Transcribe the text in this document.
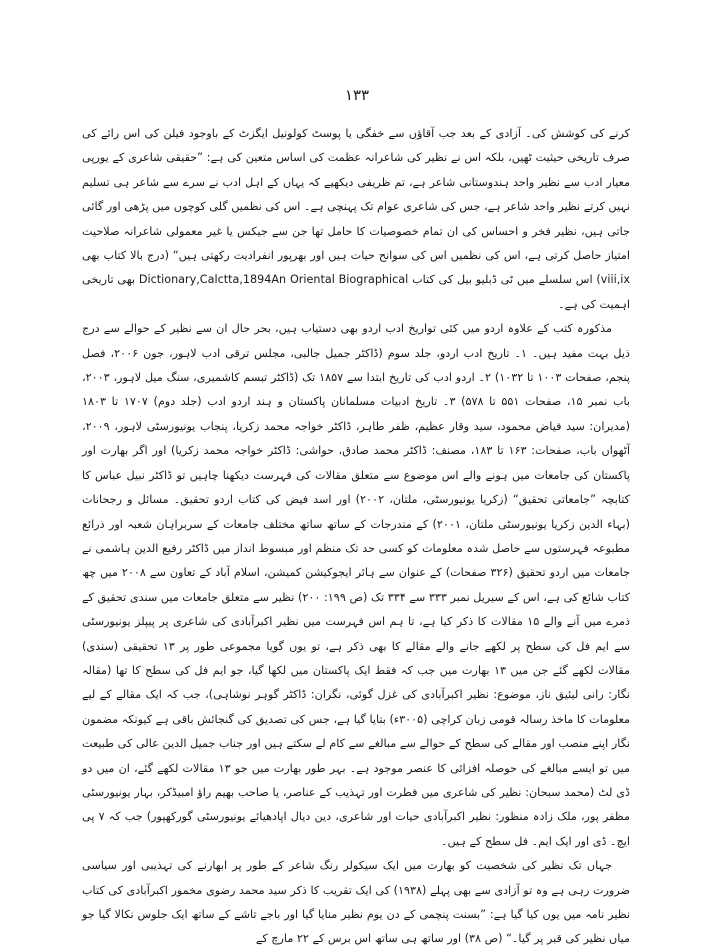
۱۳۳

کرنے کی کوشش کی۔ آزادی کے بعد جب آقاؤں سے خفگی یا پوسٹ کولونیل ایگزٹ کے باوجود فیلن کی اس رائے کی صرف تاریخی حیثیت ٹھیں، بلکہ اس نے نظیر کی شاعرانہ عظمت کی اساس متعین کی ہے: ”حقیقی شاعری کے یورپی معیار ادب سے نظیر واحد ہندوستانی شاعر ہے، تم ظریفی دیکھیے کہ یہاں کے اہل ادب نے سرے سے شاعر ہی تسلیم نہیں کرتے نظیر واحد شاعر ہے، جس کی شاعری عوام تک پہنچی ہے۔ اس کی نظمیں گلی کوچوں میں پڑھی اور گائی جاتی ہیں، نظیر فخر و احساس کی ان تمام خصوصیات کا حامل تھا جن سے جیکس یا غیر معمولی شاعرانہ صلاحیت امتیاز حاصل کرتی ہے، اس کی نظمیں اس کی سوانح حیات ہیں اور بھرپور انفرادیت رکھتی ہیں“ (درج بالا کتاب بھی viii,ix) اس سلسلے میں ٹی ڈبلیو بیل کی کتاب Dictionary,Calctta,1894An Oriental Biographical بھی تاریخی اہمیت کی ہے۔

مذکورہ کتب کے علاوہ اردو میں کئی تواریخ ادب اردو بھی دستیاب ہیں، بحر حال ان سے نظیر کے حوالے سے درج ذیل بہت مفید ہیں۔ ۱۔ تاریخ ادب اردو، جلد سوم (ڈاکٹر جمیل جالبی، مجلس ترقی ادب لاہور، جون ۲۰۰۶، فصل پنجم، صفحات ۱۰۰۳ تا ۱۰۳۲) ۲۔ اردو ادب کی تاریخ ابتدا سے ۱۸۵۷ تک (ڈاکٹر تبسم کاشمیری، سنگ میل لاہور، ۲۰۰۳، باب نمبر ۱۵، صفحات ۵۵۱ تا ۵۷۸) ۳۔ تاریخ ادبیات مسلمانان پاکستان و ہند اردو ادب (جلد دوم) ۱۷۰۷ تا ۱۸۰۳ (مدیران: سید فیاض محمود، سید وقار عظیم، ظفر طاہر، ڈاکٹر خواجہ محمد زکریا، پنجاب یونیورسٹی لاہور، ۲۰۰۹، آٹھواں باب، صفحات: ۱۶۳ تا ۱۸۳، مصنف: ڈاکٹر محمد صادق، حواشی: ڈاکٹر خواجہ محمد زکریا) اور اگر بھارت اور پاکستان کی جامعات میں ہونے والے اس موضوع سے متعلق مقالات کی فہرست دیکھنا چاہیں تو ڈاکٹر نبیل عباس کا کتابچہ ”جامعاتی تحقیق“ (زکریا یونیورسٹی، ملتان، ۲۰۰۲) اور اسد فیض کی کتاب اردو تحقیق۔ مسائل و رجحانات (بہاء الدین زکریا یونیورسٹی ملتان، ۲۰۰۱) کے مندرجات کے ساتھ ساتھ مختلف جامعات کے سربراہان شعبہ اور ذرائع مطبوعہ فہرستوں سے حاصل شدہ معلومات کو کسی حد تک منظم اور مبسوط انداز میں ڈاکٹر رفیع الدین ہاشمی نے جامعات میں اردو تحقیق (۳۲۶ صفحات) کے عنوان سے ہائر ایجوکیشن کمیشن، اسلام آباد کے تعاون سے ۲۰۰۸ میں چھ کتاب شائع کی ہے، اس کے سیریل نمبر ۳۳۳ سے ۳۳۴ تک (ص ۱۹۹: ۲۰۰) نظیر سے متعلق جامعات میں سندی تحقیق کے ذمرے میں آنے والے ۱۵ مقالات کا ذکر کیا ہے، تا ہم اس فہرست میں نظیر اکبرآبادی کی شاعری پر پیپلز یونیورسٹی سے ایم فل کی سطح پر لکھے جانے والے مقالے کا بھی ذکر ہے، تو یوں گویا مجموعی طور پر ۱۳ تحقیقی (سندی) مقالات لکھے گئے جن میں ۱۳ بھارت میں جب کہ فقط ایک پاکستان میں لکھا گیا، جو ایم فل کی سطح کا تھا (مقالہ نگار: رانی لیئیق ناز، موضوع: نظیر اکبرآبادی کی غزل گوئی، نگران: ڈاکٹر گوہر نوشاہی)، جب کہ ایک مقالے کے لیے معلومات کا ماخذ رسالہ قومی زبان کراچی (۳۰۰۵ء) بتایا گیا ہے، جس کی تصدیق کی گنجائش باقی ہے کیونکہ مضمون نگار اپنے منصب اور مقالے کی سطح کے حوالے سے مبالغے سے کام لے سکتے ہیں اور جناب جمیل الدین عالی کی طبیعت میں تو ایسے مبالغے کی حوصلہ افزائی کا عنصر موجود ہے۔ بہر طور بھارت میں جو ۱۳ مقالات لکھے گئے، ان میں دو ڈی لٹ (محمد سبحان: نظیر کی شاعری میں فطرت اور تہذیب کے عناصر، یا صاحب بھیم راؤ امبیڈکر، بہار یونیورسٹی مظفر پور، ملک زادہ منظور: نظیر اکبرآبادی حیات اور شاعری، دین دیال اپادھیائے یونیورسٹی گورکھپور) جب کہ ۷ پی ایچ۔ ڈی اور ایک ایم۔ فل سطح کے ہیں۔

جہاں تک نظیر کی شخصیت کو بھارت میں ایک سیکولر رنگ شاعر کے طور پر ابھارنے کی تہذیبی اور سیاسی ضرورت رہی ہے وہ تو آزادی سے بھی پہلے (۱۹۳۸) کی ایک تقریب کا ذکر سید محمد رضوی مخمور اکبرآبادی کی کتاب نظیر نامہ میں یوں کیا گیا ہے: ”بسنت پنچمی کے دن یوم نظیر منایا گیا اور باجے تاشے کے ساتھ ایک جلوس نکالا گیا جو میاں نظیر کی قبر پر گیا۔“ (ص ۳۸) اور ساتھ ہی ساتھ اس برس کے ۲۲ مارچ کے
